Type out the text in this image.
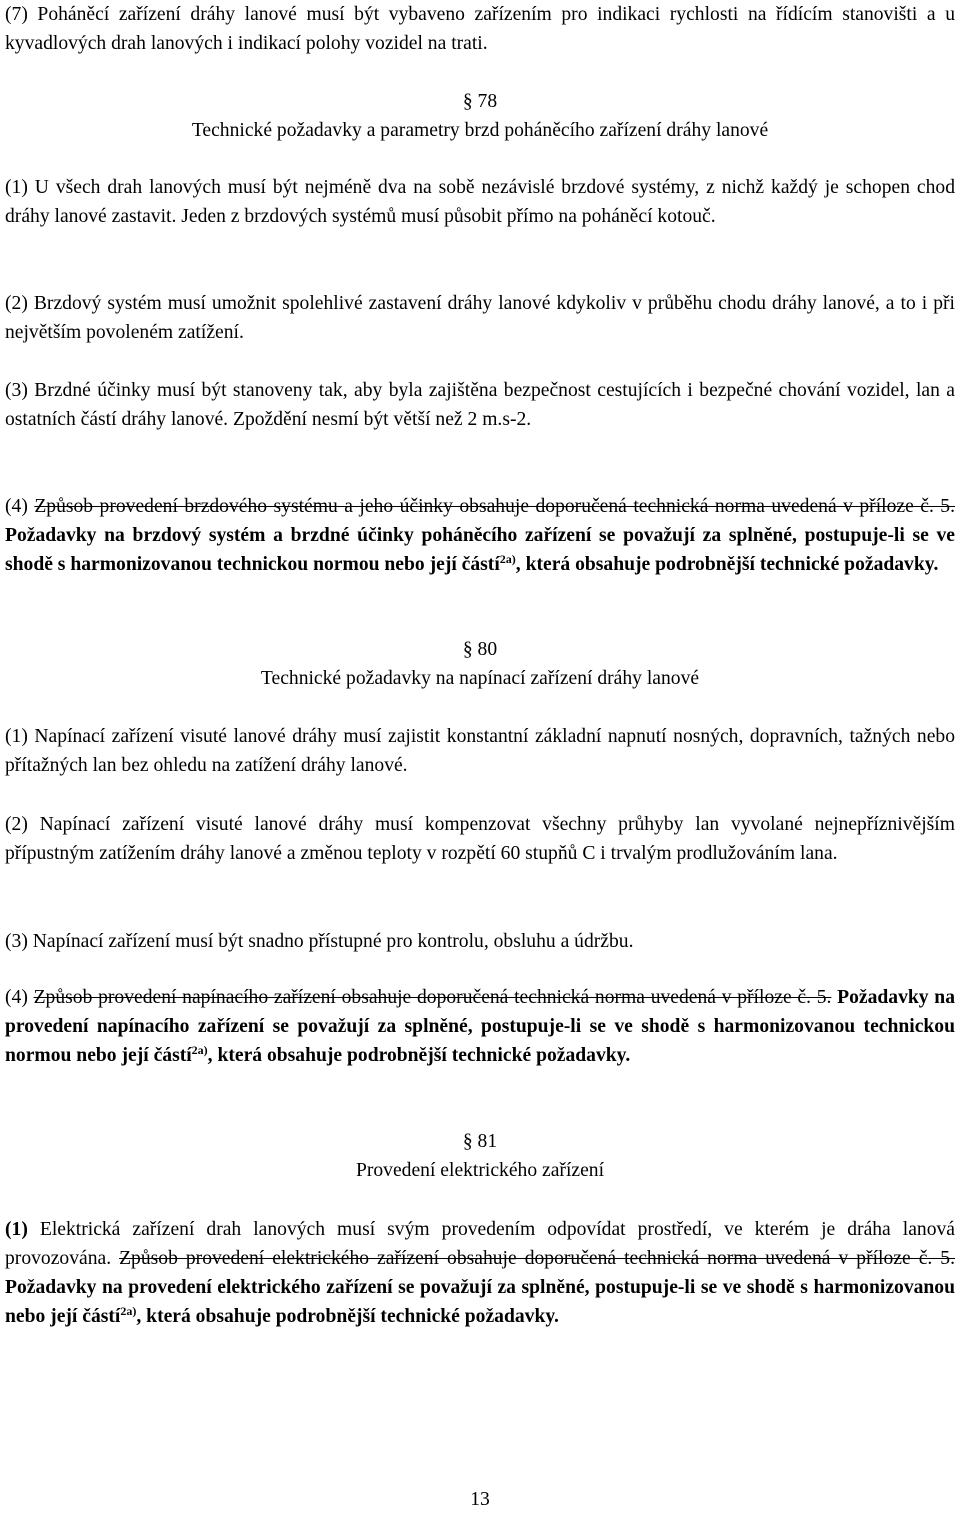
(7) Poháněcí zařízení dráhy lanové musí být vybaveno zařízením pro indikaci rychlosti na řídícím stanovišti a u kyvadlových drah lanových i indikací polohy vozidel na trati.

§ 78
Technické požadavky a parametry brzd poháněcího zařízení dráhy lanové

(1) U všech drah lanových musí být nejméně dva na sobě nezávislé brzdové systémy, z nichž každý je schopen chod dráhy lanové zastavit. Jeden z brzdových systémů musí působit přímo na poháněcí kotouč.

(2) Brzdový systém musí umožnit spolehlivé zastavení dráhy lanové kdykoliv v průběhu chodu dráhy lanové, a to i při největším povoleném zatížení.

(3) Brzdné účinky musí být stanoveny tak, aby byla zajištěna bezpečnost cestujících i bezpečné chování vozidel, lan a ostatních částí dráhy lanové. Zpoždění nesmí být větší než 2 m.s-2.

(4) Způsob provedení brzdového systému a jeho účinky obsahuje doporučená technická norma uvedená v příloze č. 5. Požadavky na brzdový systém a brzdné účinky poháněcího zařízení se považují za splněné, postupuje-li se ve shodě s harmonizovanou technickou normou nebo její částí$^{2a)}$, která obsahuje podrobnější technické požadavky.

§ 80
Technické požadavky na napínací zařízení dráhy lanové

(1) Napínací zařízení visuté lanové dráhy musí zajistit konstantní základní napnutí nosných, dopravních, tažných nebo přítažných lan bez ohledu na zatížení dráhy lanové.

(2) Napínací zařízení visuté lanové dráhy musí kompenzovat všechny průhyby lan vyvolané nejnepříznivějším přípustným zatížením dráhy lanové a změnou teploty v rozpětí 60 stupňů C i trvalým prodlužováním lana.

(3) Napínací zařízení musí být snadno přístupné pro kontrolu, obsluhu a údržbu.

(4) Způsob provedení napínacího zařízení obsahuje doporučená technická norma uvedená v příloze č. 5. Požadavky na provedení napínacího zařízení se považují za splněné, postupuje-li se ve shodě s harmonizovanou technickou normou nebo její částí$^{2a)}$, která obsahuje podrobnější technické požadavky.

§ 81
Provedení elektrického zařízení

(1) Elektrická zařízení drah lanových musí svým provedením odpovídat prostředí, ve kterém je dráha lanová provozována. Způsob provedení elektrického zařízení obsahuje doporučená technická norma uvedená v příloze č. 5. Požadavky na provedení elektrického zařízení se považují za splněné, postupuje-li se ve shodě s harmonizovanou nebo její částí$^{2a)}$, která obsahuje podrobnější technické požadavky.

13
